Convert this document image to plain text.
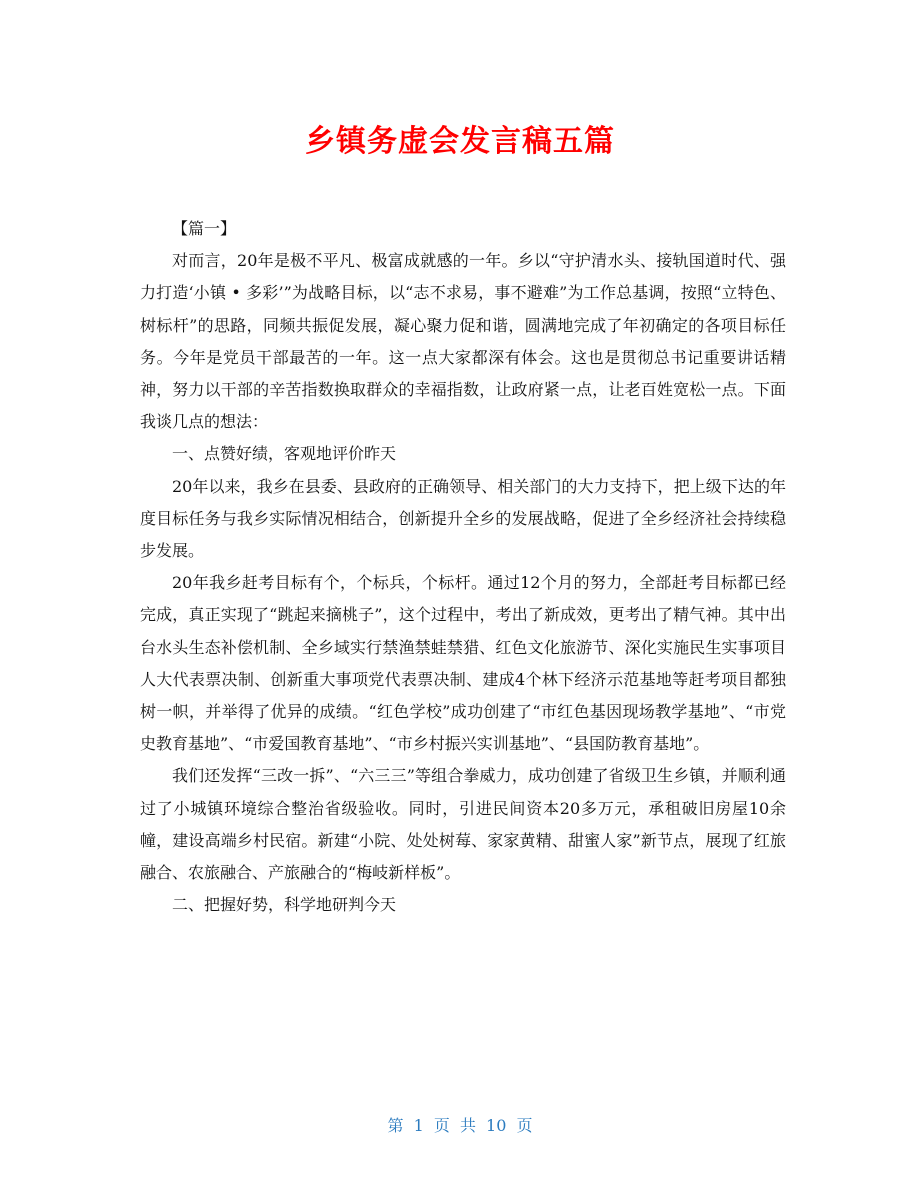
乡镇务虚会发言稿五篇

【篇一】

对而言，20年是极不平凡、极富成就感的一年。乡以“守护清水头、接轨国道时代、强力打造‘小镇 • 多彩’”为战略目标，以“志不求易，事不避难”为工作总基调，按照“立特色、树标杆”的思路，同频共振促发展，凝心聚力促和谐，圆满地完成了年初确定的各项目标任务。今年是党员干部最苦的一年。这一点大家都深有体会。这也是贯彻总书记重要讲话精神，努力以干部的辛苦指数换取群众的幸福指数，让政府紧一点，让老百姓宽松一点。下面我谈几点的想法：

一、点赞好绩，客观地评价昨天

20年以来，我乡在县委、县政府的正确领导、相关部门的大力支持下，把上级下达的年度目标任务与我乡实际情况相结合，创新提升全乡的发展战略，促进了全乡经济社会持续稳步发展。

20年我乡赶考目标有个，个标兵，个标杆。通过12个月的努力，全部赶考目标都已经完成，真正实现了“跳起来摘桃子”，这个过程中，考出了新成效，更考出了精气神。其中出台水头生态补偿机制、全乡域实行禁渔禁蛙禁猎、红色文化旅游节、深化实施民生实事项目人大代表票决制、创新重大事项党代表票决制、建成4个林下经济示范基地等赶考项目都独树一帜，并举得了优异的成绩。“红色学校”成功创建了“市红色基因现场教学基地”、“市党史教育基地”、“市爱国教育基地”、“市乡村振兴实训基地”、“县国防教育基地”。

我们还发挥“三改一拆”、“六三三”等组合拳威力，成功创建了省级卫生乡镇，并顺利通过了小城镇环境综合整治省级验收。同时，引进民间资本20多万元，承租破旧房屋10余幢，建设高端乡村民宿。新建“小院、处处树莓、家家黄精、甜蜜人家”新节点，展现了红旅融合、农旅融合、产旅融合的“梅岐新样板”。

二、把握好势，科学地研判今天

第 1 页 共 10 页
